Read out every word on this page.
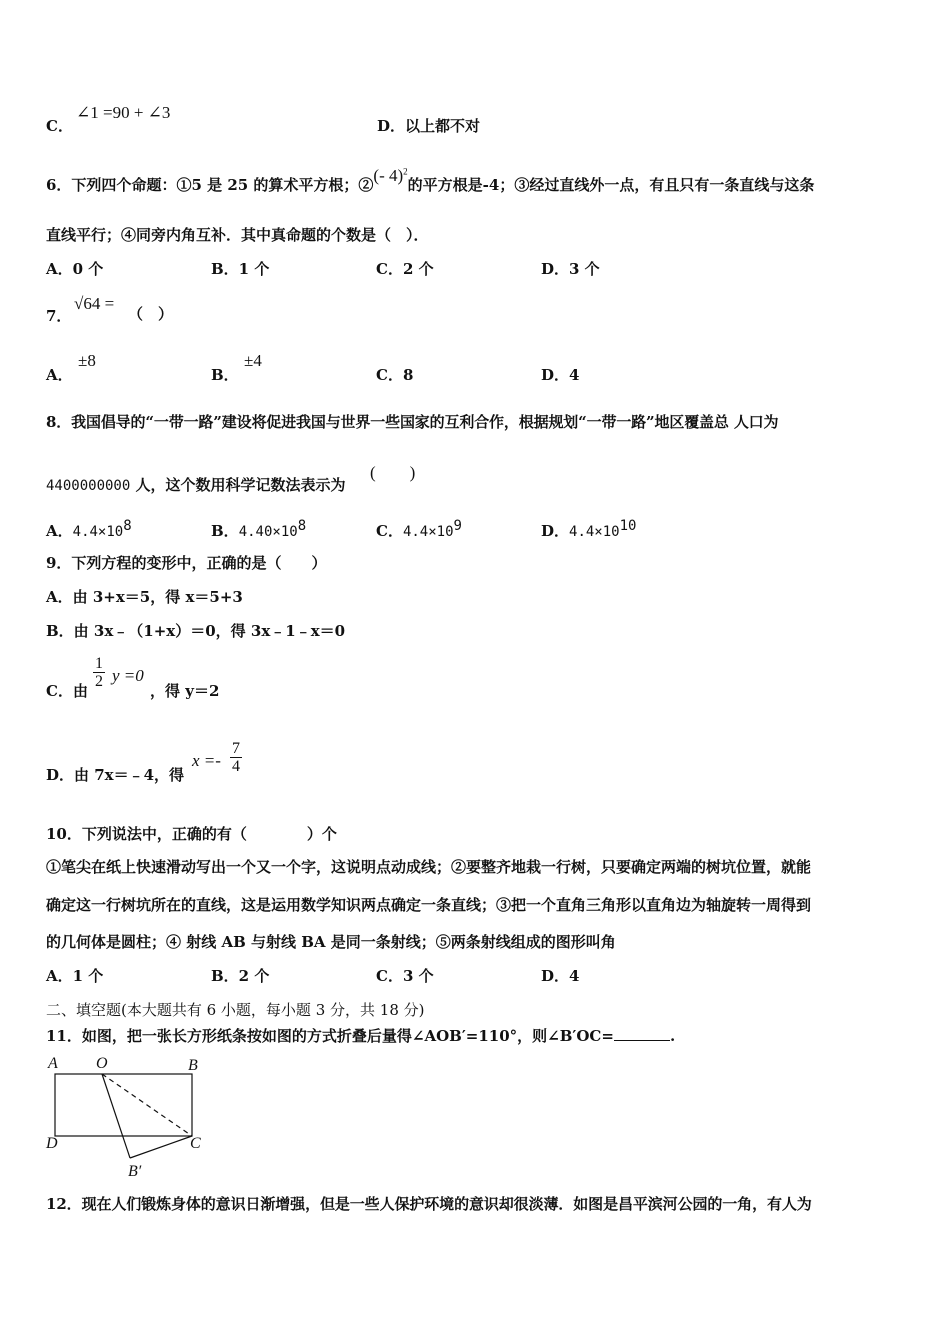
C．
∠1 =90 + ∠3
D．以上都不对
6．下列四个命题：①5 是 25 的算术平方根；②(- 4)$^2$的平方根是-4；③经过直线外一点，有且只有一条直线与这条
直线平行；④同旁内角互补．其中真命题的个数是（　）．
A．0 个	B．1 个	C．2 个	D．3 个
7．
√64 =
（　）
A．
±8
B．
±4
C．8	D．4
8．我国倡导的“一带一路”建设将促进我国与世界一些国家的互利合作，根据规划“一带一路”地区覆盖总 人口为
4400000000 人，这个数用科学记数法表示为
(　　)
A．$4.4\times 10^8$	B．$4.40\times 10^8$	C．$4.4\times 10^9$	D．$4.4\times 10^{10}$
9．下列方程的变形中，正确的是（　　）
A．由 3+x＝5，得 x＝5+3
B．由 3x﹣（1+x）＝0，得 3x﹣1﹣x＝0
C．由
$\frac{1}{2}$ y =0
，得 y＝2
D．由 7x＝﹣4，得
$x =- \frac{7}{4}$
10．下列说法中，正确的有（　　　　）个
①笔尖在纸上快速滑动写出一个又一个字，这说明点动成线；②要整齐地栽一行树，只要确定两端的树坑位置，就能
确定这一行树坑所在的直线，这是运用数学知识两点确定一条直线；③把一个直角三角形以直角边为轴旋转一周得到
的几何体是圆柱；④ 射线 AB 与射线 BA 是同一条射线；⑤两条射线组成的图形叫角
A．1 个	B．2 个	C．3 个	D．4
二、填空题(本大题共有 6 小题，每小题 3 分，共 18 分)
11．如图，把一张长方形纸条按如图的方式折叠后量得∠AOB′=110°，则∠B′OC=	.
A O	B
D	C
B′
12．现在人们锻炼身体的意识日渐增强，但是一些人保护环境的意识却很淡薄．如图是昌平滨河公园的一角，有人为
